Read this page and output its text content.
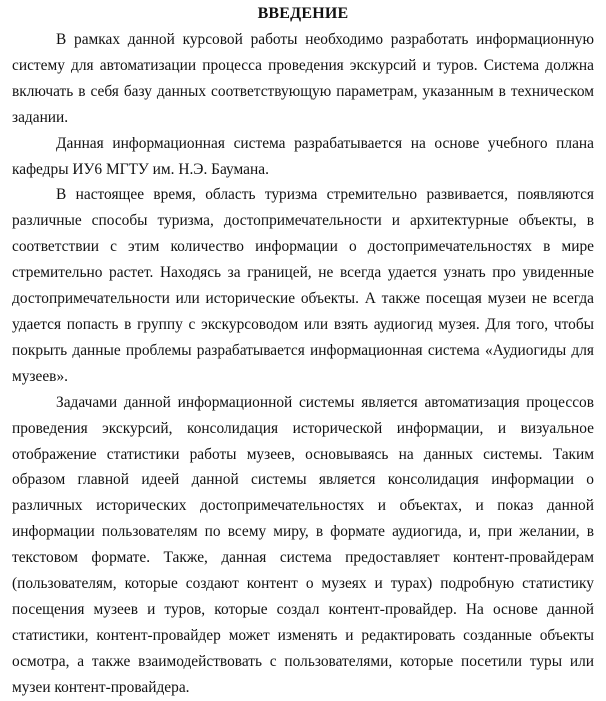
ВВЕДЕНИЕ

В рамках данной курсовой работы необходимо разработать информационную систему для автоматизации процесса проведения экскурсий и туров. Система должна включать в себя базу данных соответствующую параметрам, указанным в техническом задании.

Данная информационная система разрабатывается на основе учебного плана кафедры ИУ6 МГТУ им. Н.Э. Баумана.

В настоящее время, область туризма стремительно развивается, появляются различные способы туризма, достопримечательности и архитектурные объекты, в соответствии с этим количество информации о достопримечательностях в мире стремительно растет. Находясь за границей, не всегда удается узнать про увиденные достопримечательности или исторические объекты. А также посещая музеи не всегда удается попасть в группу с экскурсоводом или взять аудиогид музея. Для того, чтобы покрыть данные проблемы разрабатывается информационная система «Аудиогиды для музеев».

Задачами данной информационной системы является автоматизация процессов проведения экскурсий, консолидация исторической информации, и визуальное отображение статистики работы музеев, основываясь на данных системы. Таким образом главной идеей данной системы является консолидация информации о различных исторических достопримечательностях и объектах, и показ данной информации пользователям по всему миру, в формате аудиогида, и, при желании, в текстовом формате. Также, данная система предоставляет контент-провайдерам (пользователям, которые создают контент о музеях и турах) подробную статистику посещения музеев и туров, которые создал контент-провайдер. На основе данной статистики, контент-провайдер может изменять и редактировать созданные объекты осмотра, а также взаимодействовать с пользователями, которые посетили туры или музеи контент-провайдера.
